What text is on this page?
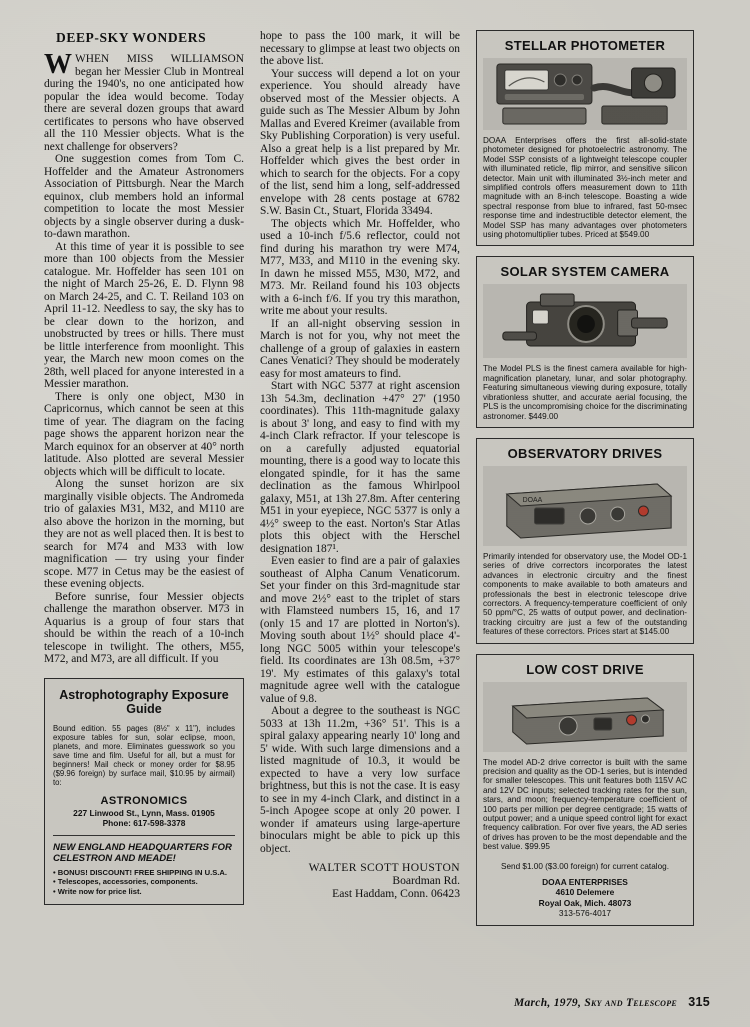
DEEP-SKY WONDERS

WWHEN MISS WILLIAMSON began her Messier Club in Montreal during the 1940's, no one anticipated how popular the idea would become. Today there are several dozen groups that award certificates to persons who have observed all the 110 Messier objects. What is the next challenge for observers?

One suggestion comes from Tom C. Hoffelder and the Amateur Astronomers Association of Pittsburgh. Near the March equinox, club members hold an informal competition to locate the most Messier objects by a single observer during a dusk-to-dawn marathon.

At this time of year it is possible to see more than 100 objects from the Messier catalogue. Mr. Hoffelder has seen 101 on the night of March 25-26, E. D. Flynn 98 on March 24-25, and C. T. Reiland 103 on April 11-12. Needless to say, the sky has to be clear down to the horizon, and unobstructed by trees or hills. There must be little interference from moonlight. This year, the March new moon comes on the 28th, well placed for anyone interested in a Messier marathon.

There is only one object, M30 in Capricornus, which cannot be seen at this time of year. The diagram on the facing page shows the apparent horizon near the March equinox for an observer at 40° north latitude. Also plotted are several Messier objects which will be difficult to locate.

Along the sunset horizon are six marginally visible objects. The Andromeda trio of galaxies M31, M32, and M110 are also above the horizon in the morning, but they are not as well placed then. It is best to search for M74 and M33 with low magnification — try using your finder scope. M77 in Cetus may be the easiest of these evening objects.

Before sunrise, four Messier objects challenge the marathon observer. M73 in Aquarius is a group of four stars that should be within the reach of a 10-inch telescope in twilight. The others, M55, M72, and M73, are all difficult. If you

Astrophotography Exposure Guide

Bound edition. 55 pages (8½" x 11"), includes exposure tables for sun, solar eclipse, moon, planets, and more. Eliminates guesswork so you save time and film. Useful for all, but a must for beginners! Mail check or money order for $8.95 ($9.96 foreign) by surface mail, $10.95 by airmail) to:

ASTRONOMICS
227 Linwood St., Lynn, Mass. 01905
Phone: 617-598-3378
NEW ENGLAND HEADQUARTERS FOR CELESTRON AND MEADE!
• BONUS! DISCOUNT! FREE SHIPPING IN U.S.A.
• Telescopes, accessories, components.
• Write now for price list.

hope to pass the 100 mark, it will be necessary to glimpse at least two objects on the above list.

Your success will depend a lot on your experience. You should already have observed most of the Messier objects. A guide such as The Messier Album by John Mallas and Evered Kreimer (available from Sky Publishing Corporation) is very useful. Also a great help is a list prepared by Mr. Hoffelder which gives the best order in which to search for the objects. For a copy of the list, send him a long, self-addressed envelope with 28 cents postage at 6782 S.W. Basin Ct., Stuart, Florida 33494.

The objects which Mr. Hoffelder, who used a 10-inch f/5.6 reflector, could not find during his marathon try were M74, M77, M33, and M110 in the evening sky. In dawn he missed M55, M30, M72, and M73. Mr. Reiland found his 103 objects with a 6-inch f/6. If you try this marathon, write me about your results.

If an all-night observing session in March is not for you, why not meet the challenge of a group of galaxies in eastern Canes Venatici? They should be moderately easy for most amateurs to find.

Start with NGC 5377 at right ascension 13h 54.3m, declination +47° 27' (1950 coordinates). This 11th-magnitude galaxy is about 3' long, and easy to find with my 4-inch Clark refractor. If your telescope is on a carefully adjusted equatorial mounting, there is a good way to locate this elongated spindle, for it has the same declination as the famous Whirlpool galaxy, M51, at 13h 27.8m. After centering M51 in your eyepiece, NGC 5377 is only a 4½° sweep to the east. Norton's Star Atlas plots this object with the Herschel designation 187¹.

Even easier to find are a pair of galaxies southeast of Alpha Canum Venaticorum. Set your finder on this 3rd-magnitude star and move 2½° east to the triplet of stars with Flamsteed numbers 15, 16, and 17 (only 15 and 17 are plotted in Norton's). Moving south about 1½° should place 4'-long NGC 5005 within your telescope's field. Its coordinates are 13h 08.5m, +37° 19'. My estimates of this galaxy's total magnitude agree well with the catalogue value of 9.8.

About a degree to the southeast is NGC 5033 at 13h 11.2m, +36° 51'. This is a spiral galaxy appearing nearly 10' long and 5' wide. With such large dimensions and a listed magnitude of 10.3, it would be expected to have a very low surface brightness, but this is not the case. It is easy to see in my 4-inch Clark, and distinct in a 5-inch Apogee scope at only 20 power. I wonder if amateurs using large-aperture binoculars might be able to pick up this object.

WALTER SCOTT HOUSTON
Boardman Rd.
East Haddam, Conn. 06423
STELLAR PHOTOMETER

DOAA Enterprises offers the first all-solid-state photometer designed for photoelectric astronomy. The Model SSP consists of a lightweight telescope coupler with illuminated reticle, flip mirror, and sensitive silicon detector. Main unit with illuminated 3½-inch meter and simplified controls offers measurement down to 11th magnitude with an 8-inch telescope. Boasting a wide spectral response from blue to infrared, fast 50-msec response time and indestructible detector element, the Model SSP has many advantages over photometers using photomultiplier tubes. Priced at $549.00

SOLAR SYSTEM CAMERA

The Model PLS is the finest camera available for high-magnification planetary, lunar, and solar photography. Featuring simultaneous viewing during exposure, totally vibrationless shutter, and accurate aerial focusing, the PLS is the uncompromising choice for the discriminating astronomer. $449.00

OBSERVATORY DRIVES
DOAA

Primarily intended for observatory use, the Model OD-1 series of drive correctors incorporates the latest advances in electronic circuitry and the finest components to make available to both amateurs and professionals the best in electronic telescope drive correctors. A frequency-temperature coefficient of only 50 ppm/°C, 25 watts of output power, and declination-tracking circuitry are just a few of the outstanding features of these correctors. Prices start at $145.00

LOW COST DRIVE

The model AD-2 drive corrector is built with the same precision and quality as the OD-1 series, but is intended for smaller telescopes. This unit features both 115V AC and 12V DC inputs; selected tracking rates for the sun, stars, and moon; frequency-temperature coefficient of 100 parts per million per degree centigrade; 15 watts of output power; and a unique speed control light for exact frequency calibration. For over five years, the AD series of drives has proven to be the most dependable and the best value. $99.95

Send $1.00 ($3.00 foreign) for current catalog.
DOAA ENTERPRISES
4610 Delemere
Royal Oak, Mich. 48073
313-576-4017
March, 1979, Sky and Telescope 315
